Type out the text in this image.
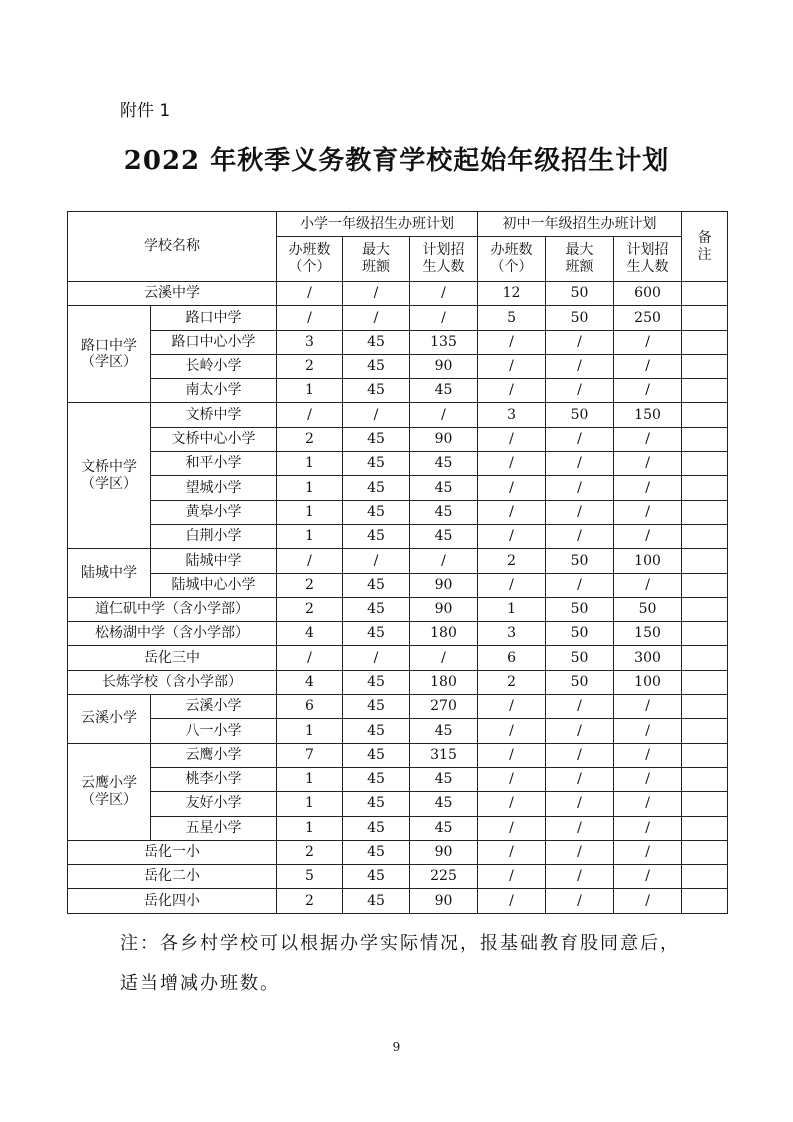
附件 1
2022 年秋季义务教育学校起始年级招生计划
学校名称		小学一年级招生办班计划			初中一年级招生办班计划			备注

		办班数（个）	最大班额	计划招生人数	办班数（个）	最大班额	计划招生人数	

云溪中学		/	/	/	12	50	600	

路口中学（学区）	路口中学	/	/	/	5	50	250	
	路口中心小学	3	45	135	/	/	/	
	长岭小学	2	45	90	/	/	/	
	南太小学	1	45	45	/	/	/	

文桥中学（学区）	文桥中学	/	/	/	3	50	150	
	文桥中心小学	2	45	90	/	/	/	
	和平小学	1	45	45	/	/	/	
	望城小学	1	45	45	/	/	/	
	黄皋小学	1	45	45	/	/	/	
	白荆小学	1	45	45	/	/	/	
陆城中学	陆城中学	/	/	/	2	50	100	
	陆城中心小学	2	45	90	/	/	/	
道仁矶中学（含小学部）		2	45	90	1	50	50	
松杨湖中学（含小学部）		4	45	180	3	50	150	
岳化三中		/	/	/	6	50	300	
长炼学校（含小学部）		4	45	180	2	50	100	
云溪小学	云溪小学	6	45	270	/	/	/	
	八一小学	1	45	45	/	/	/	

云鹰小学（学区）	云鹰小学	7	45	315	/	/	/	
	桃李小学	1	45	45	/	/	/	
	友好小学	1	45	45	/	/	/	
	五星小学	1	45	45	/	/	/	
岳化一小		2	45	90	/	/	/	
岳化二小		5	45	225	/	/	/	
岳化四小		2	45	90	/	/	/	
注：各乡村学校可以根据办学实际情况，报基础教育股同意后，适当增减办班数。
9
